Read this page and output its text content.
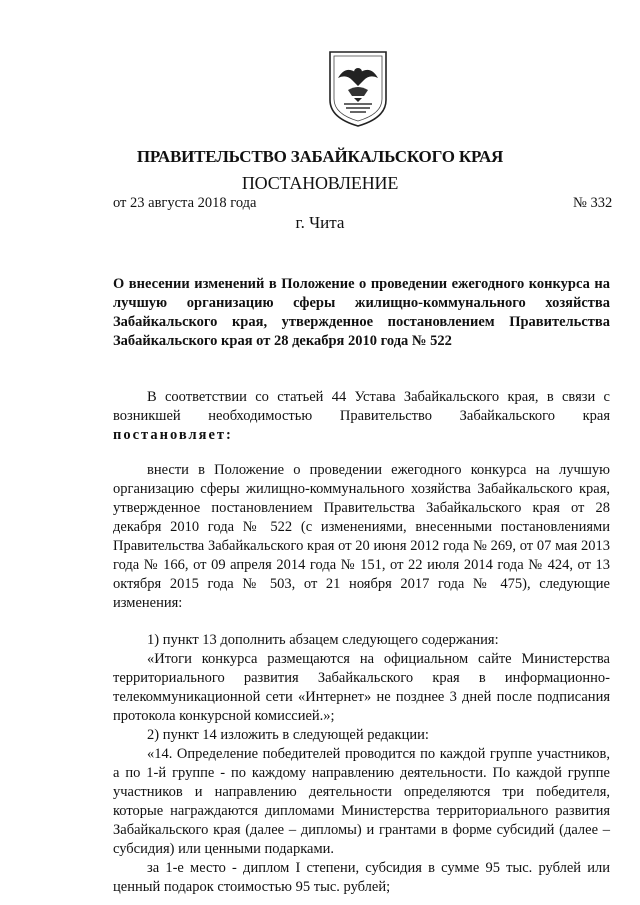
ПРАВИТЕЛЬСТВО ЗАБАЙКАЛЬСКОГО КРАЯ
ПОСТАНОВЛЕНИЕ
от 23 августа 2018 года	№ 332
г. Чита
О внесении изменений в Положение о проведении ежегодного конкурса на лучшую организацию сферы жилищно-коммунального хозяйства Забайкальского края, утвержденное постановлением Правительства Забайкальского края от 28 декабря 2010 года № 522

В соответствии со статьей 44 Устава Забайкальского края, в связи с возникшей необходимостью Правительство Забайкальского края постановляет:

внести в Положение о проведении ежегодного конкурса на лучшую организацию сферы жилищно-коммунального хозяйства Забайкальского края, утвержденное постановлением Правительства Забайкальского края от 28 декабря 2010 года № 522 (с изменениями, внесенными постановлениями Правительства Забайкальского края от 20 июня 2012 года № 269, от 07 мая 2013 года № 166, от 09 апреля 2014 года № 151, от 22 июля 2014 года № 424, от 13 октября 2015 года № 503, от 21 ноября 2017 года № 475), следующие изменения:

1) пункт 13 дополнить абзацем следующего содержания:

«Итоги конкурса размещаются на официальном сайте Министерства территориального развития Забайкальского края в информационно-телекоммуникационной сети «Интернет» не позднее 3 дней после подписания протокола конкурсной комиссией.»;

2) пункт 14 изложить в следующей редакции:

«14. Определение победителей проводится по каждой группе участников, а по 1-й группе - по каждому направлению деятельности. По каждой группе участников и направлению деятельности определяются три победителя, которые награждаются дипломами Министерства территориального развития Забайкальского края (далее – дипломы) и грантами в форме субсидий (далее – субсидия) или ценными подарками.

за 1-е место - диплом I степени, субсидия в сумме 95 тыс. рублей или ценный подарок стоимостью 95 тыс. рублей;
